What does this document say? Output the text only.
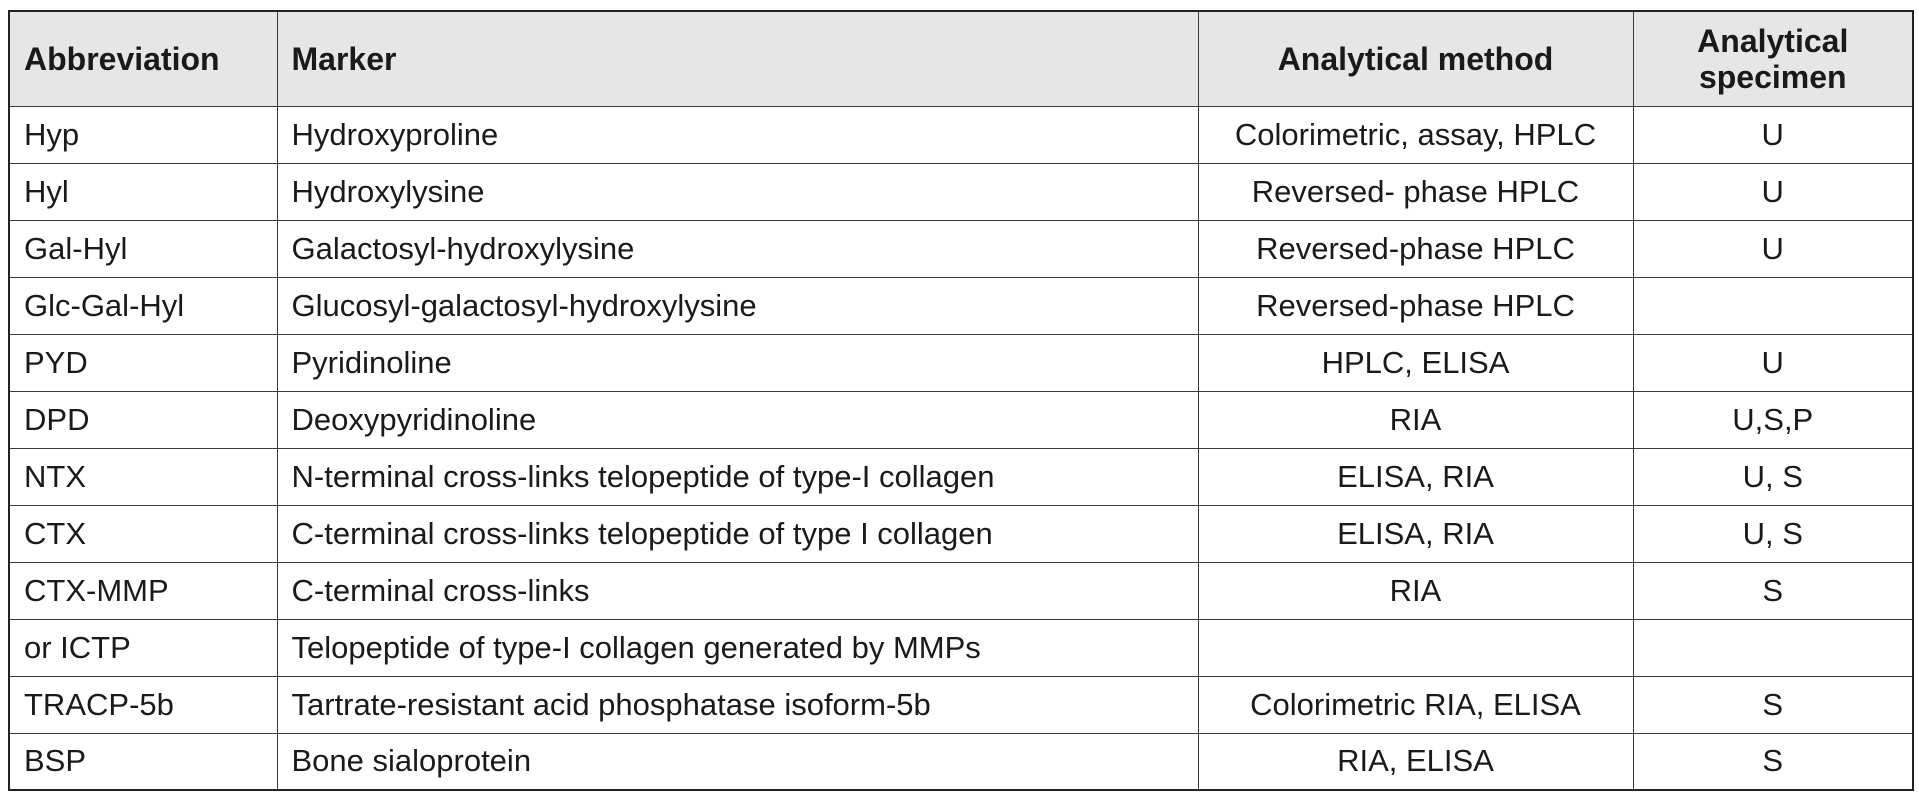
Abbreviation	Marker	Analytical method	Analytical
specimen

Hyp	Hydroxyproline	Colorimetric, assay, HPLC	U
Hyl	Hydroxylysine	Reversed- phase HPLC	U
Gal-Hyl	Galactosyl-hydroxylysine	Reversed-phase HPLC	U
Glc-Gal-Hyl	Glucosyl-galactosyl-hydroxylysine	Reversed-phase HPLC	
PYD	Pyridinoline	HPLC, ELISA	U
DPD	Deoxypyridinoline	RIA	U,S,P
NTX	N-terminal cross-links telopeptide of type-I collagen	ELISA, RIA	U, S
CTX	C-terminal cross-links telopeptide of type I collagen	ELISA, RIA	U, S
CTX-MMP	C-terminal cross-links	RIA	S
or ICTP	Telopeptide of type-I collagen generated by MMPs		
TRACP-5b	Tartrate-resistant acid phosphatase isoform-5b	Colorimetric RIA, ELISA	S
BSP	Bone sialoprotein	RIA, ELISA	S
